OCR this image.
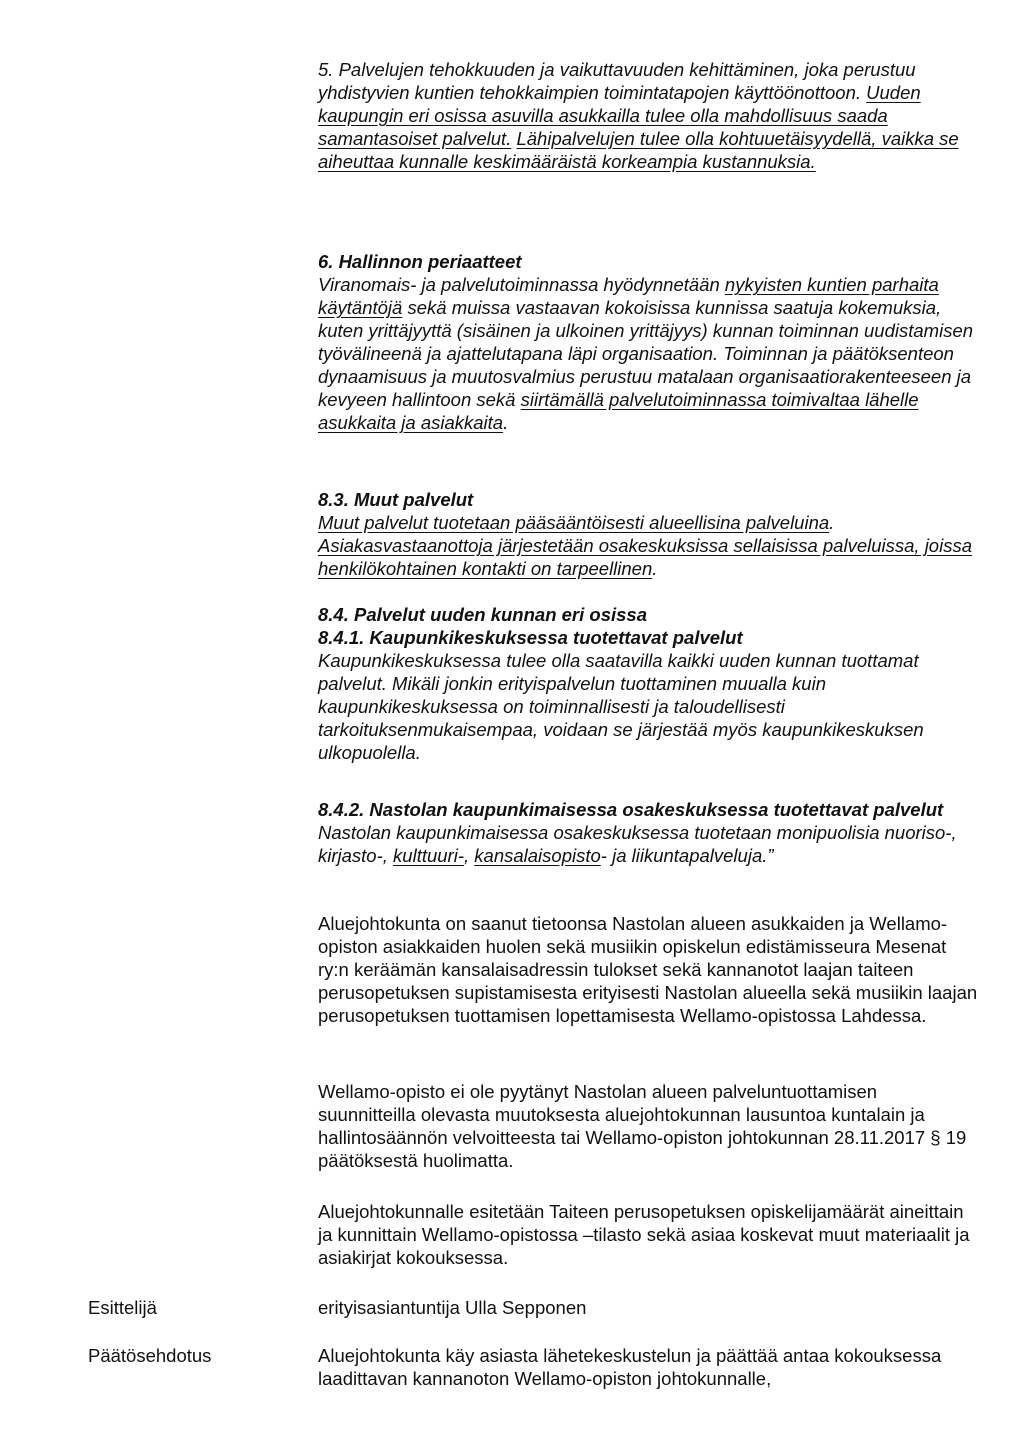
5. Palvelujen tehokkuuden ja vaikuttavuuden kehittäminen, joka perustuu yhdistyvien kuntien tehokkaimpien toimintatapojen käyttöönottoon. Uuden kaupungin eri osissa asuvilla asukkailla tulee olla mahdollisuus saada samantasoiset palvelut. Lähipalvelujen tulee olla kohtuuetäisyydellä, vaikka se aiheuttaa kunnalle keskimääräistä korkeampia kustannuksia.

6. Hallinnon periaatteet

Viranomais- ja palvelutoiminnassa hyödynnetään nykyisten kuntien parhaita käytäntöjä sekä muissa vastaavan kokoisissa kunnissa saatuja kokemuksia, kuten yrittäjyyttä (sisäinen ja ulkoinen yrittäjyys) kunnan toiminnan uudistamisen työvälineenä ja ajattelutapana läpi organisaation. Toiminnan ja päätöksenteon dynaamisuus ja muutosvalmius perustuu matalaan organisaatiorakenteeseen ja kevyeen hallintoon sekä siirtämällä palvelutoiminnassa toimivaltaa lähelle asukkaita ja asiakkaita.

8.3. Muut palvelut

Muut palvelut tuotetaan pääsääntöisesti alueellisina palveluina. Asiakasvastaanottoja järjestetään osakeskuksissa sellaisissa palveluissa, joissa henkilökohtainen kontakti on tarpeellinen.

8.4. Palvelut uuden kunnan eri osissa

8.4.1. Kaupunkikeskuksessa tuotettavat palvelut

Kaupunkikeskuksessa tulee olla saatavilla kaikki uuden kunnan tuottamat palvelut. Mikäli jonkin erityispalvelun tuottaminen muualla kuin kaupunkikeskuksessa on toiminnallisesti ja taloudellisesti tarkoituksenmukaisempaa, voidaan se järjestää myös kaupunkikeskuksen ulkopuolella.

8.4.2. Nastolan kaupunkimaisessa osakeskuksessa tuotettavat palvelut

Nastolan kaupunkimaisessa osakeskuksessa tuotetaan monipuolisia nuoriso-, kirjasto-, kulttuuri-, kansalaisopisto- ja liikuntapalveluja.”

Aluejohtokunta on saanut tietoonsa Nastolan alueen asukkaiden ja Wellamo-opiston asiakkaiden huolen sekä musiikin opiskelun edistämisseura Mesenat ry:n keräämän kansalaisadressin tulokset sekä kannanotot laajan taiteen perusopetuksen supistamisesta erityisesti Nastolan alueella sekä musiikin laajan perusopetuksen tuottamisen lopettamisesta Wellamo-opistossa Lahdessa.

Wellamo-opisto ei ole pyytänyt Nastolan alueen palveluntuottamisen suunnitteilla olevasta muutoksesta aluejohtokunnan lausuntoa kuntalain ja hallintosäännön velvoitteesta tai Wellamo-opiston johtokunnan 28.11.2017 § 19 päätöksestä huolimatta.

Aluejohtokunnalle esitetään Taiteen perusopetuksen opiskelijamäärät aineittain ja kunnittain Wellamo-opistossa –tilasto sekä asiaa koskevat muut materiaalit ja asiakirjat kokouksessa.

Esittelijä	erityisasiantuntija Ulla Sepponen

Päätösehdotus	Aluejohtokunta käy asiasta lähetekeskustelun ja päättää antaa kokouksessa laadittavan kannanoton Wellamo-opiston johtokunnalle,
